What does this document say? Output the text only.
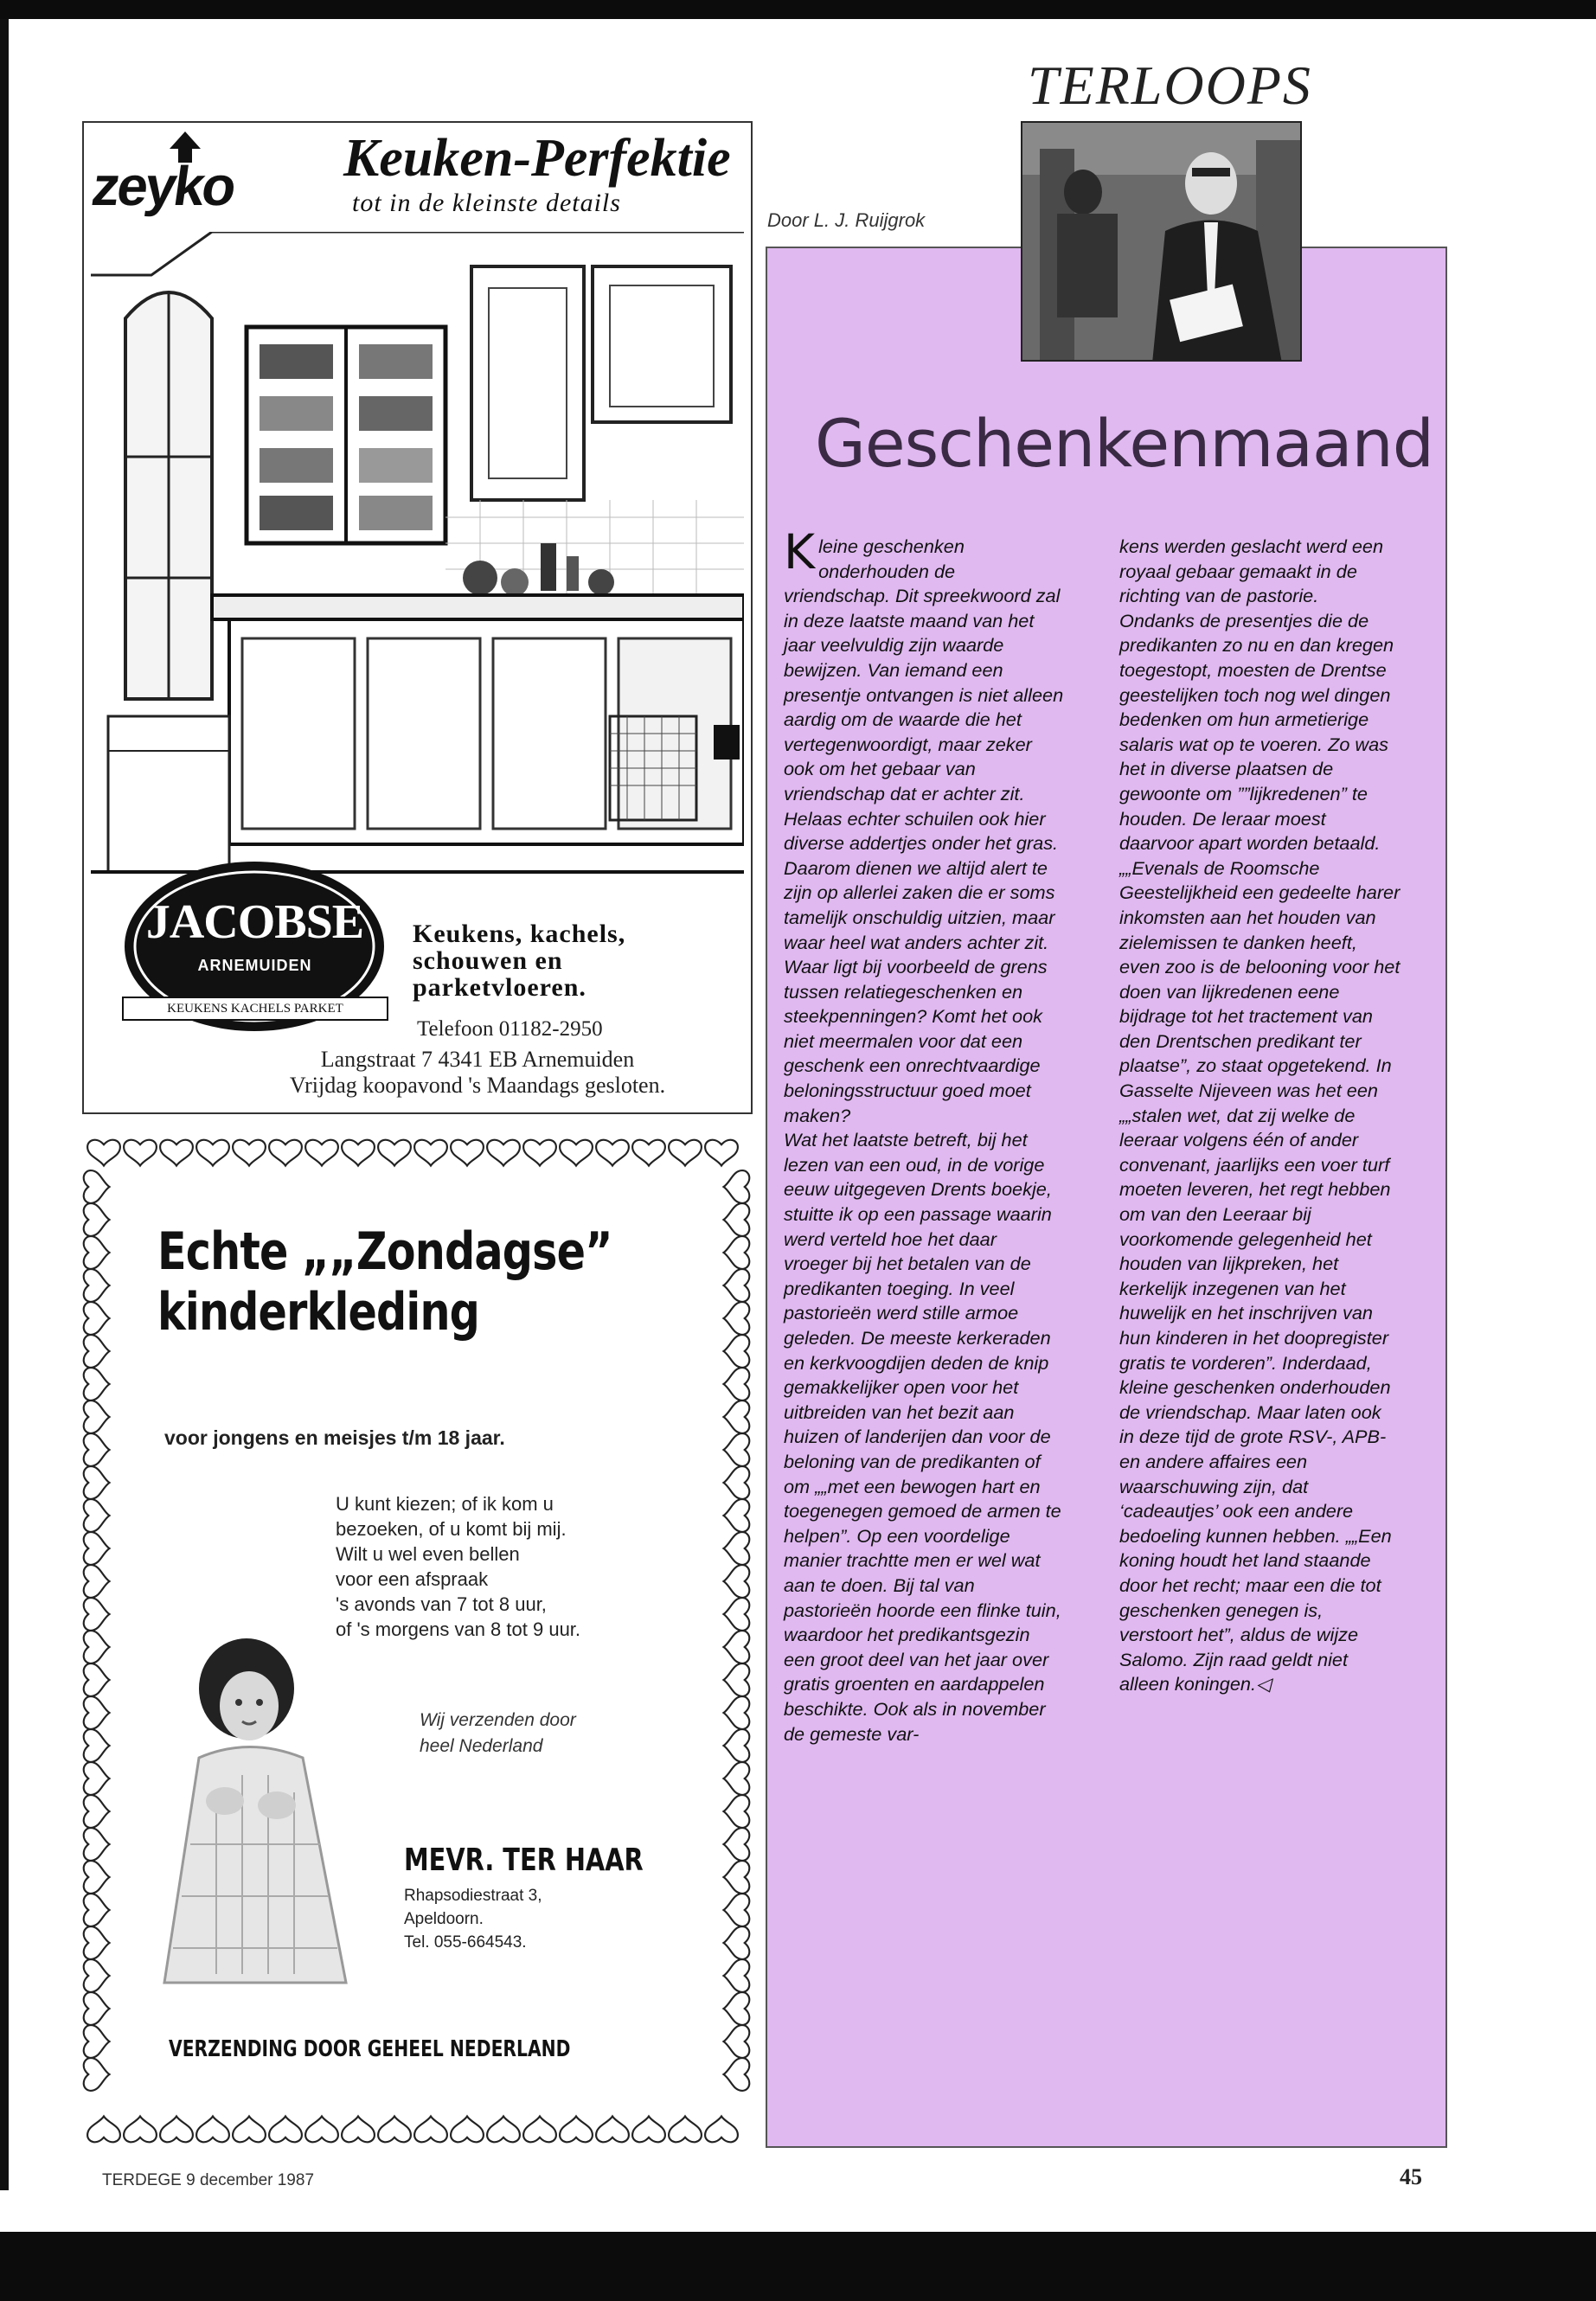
zeyko Keuken-Perfektie
tot in de kleinste details
JACOBSE
ARNEMUIDEN
KEUKENS KACHELS PARKET
Keukens, kachels, schouwen en parketvloeren.
Telefoon 01182-2950
Langstraat 7 4341 EB Arnemuiden
Vrijdag koopavond 's Maandags gesloten.
Echte „„Zondagse”
kinderkleding
voor jongens en meisjes t/m 18 jaar.
U kunt kiezen; of ik kom u
bezoeken, of u komt bij mij.
Wilt u wel even bellen
voor een afspraak
's avonds van 7 tot 8 uur,
of 's morgens van 8 tot 9 uur.
Wij verzenden door
heel Nederland
MEVR. TER HAAR
Rhapsodiestraat 3,
Apeldoorn.
Tel. 055-664543.
VERZENDING DOOR GEHEEL NEDERLAND
TERLOOPS
Door L. J. Ruijgrok
Geschenkenmaand
K leine geschenken onderhouden de vriendschap. Dit spreekwoord zal in deze laatste maand van het jaar veelvuldig zijn waarde bewijzen. Van iemand een presentje ontvangen is niet alleen aardig om de waarde die het vertegenwoordigt, maar zeker ook om het gebaar van vriendschap dat er achter zit.
Helaas echter schuilen ook hier diverse addertjes onder het gras. Daarom dienen we altijd alert te zijn op allerlei zaken die er soms tamelijk onschuldig uitzien, maar waar heel wat anders achter zit. Waar ligt bij voorbeeld de grens tussen relatiegeschenken en steekpenningen? Komt het ook niet meermalen voor dat een geschenk een onrechtvaardige beloningsstructuur goed moet maken?
Wat het laatste betreft, bij het lezen van een oud, in de vorige eeuw uitgegeven Drents boekje, stuitte ik op een passage waarin werd verteld hoe het daar vroeger bij het betalen van de predikanten toeging. In veel pastorieën werd stille armoe geleden. De meeste kerkeraden en kerkvoogdijen deden de knip gemakkelijker open voor het uitbreiden van het bezit aan huizen of landerijen dan voor de beloning van de predikanten of om „„met een bewogen hart en toegenegen gemoed de armen te helpen”. Op een voordelige manier trachtte men er wel wat aan te doen. Bij tal van pastorieën hoorde een flinke tuin, waardoor het predikantsgezin een groot deel van het jaar over gratis groenten en aardappelen beschikte. Ook als in november de gemeste var-
kens werden geslacht werd een royaal gebaar gemaakt in de richting van de pastorie.
Ondanks de presentjes die de predikanten zo nu en dan kregen toegestopt, moesten de Drentse geestelijken toch nog wel dingen bedenken om hun armetierige salaris wat op te voeren. Zo was het in diverse plaatsen de gewoonte om ””lijkredenen” te houden. De leraar moest daarvoor apart worden betaald. „„Evenals de Roomsche Geestelijkheid een gedeelte harer inkomsten aan het houden van zielemissen te danken heeft, even zoo is de belooning voor het doen van lijkredenen eene bijdrage tot het tractement van den Drentschen predikant ter plaatse”, zo staat opgetekend. In Gasselte Nijeveen was het een „„stalen wet, dat zij welke de leeraar volgens één of ander convenant, jaarlijks een voer turf moeten leveren, het regt hebben om van den Leeraar bij voorkomende gelegenheid het houden van lijkpreken, het kerkelijk inzegenen van het huwelijk en het inschrijven van hun kinderen in het doopregister gratis te vorderen”. Inderdaad, kleine geschenken onderhouden de vriendschap. Maar laten ook in deze tijd de grote RSV-, APB- en andere affaires een waarschuwing zijn, dat ‘cadeautjes’ ook een andere bedoeling kunnen hebben. „„Een koning houdt het land staande door het recht; maar een die tot geschenken genegen is, verstoort het”, aldus de wijze Salomo. Zijn raad geldt niet alleen koningen.◁
TERDEGE 9 december 1987	45
